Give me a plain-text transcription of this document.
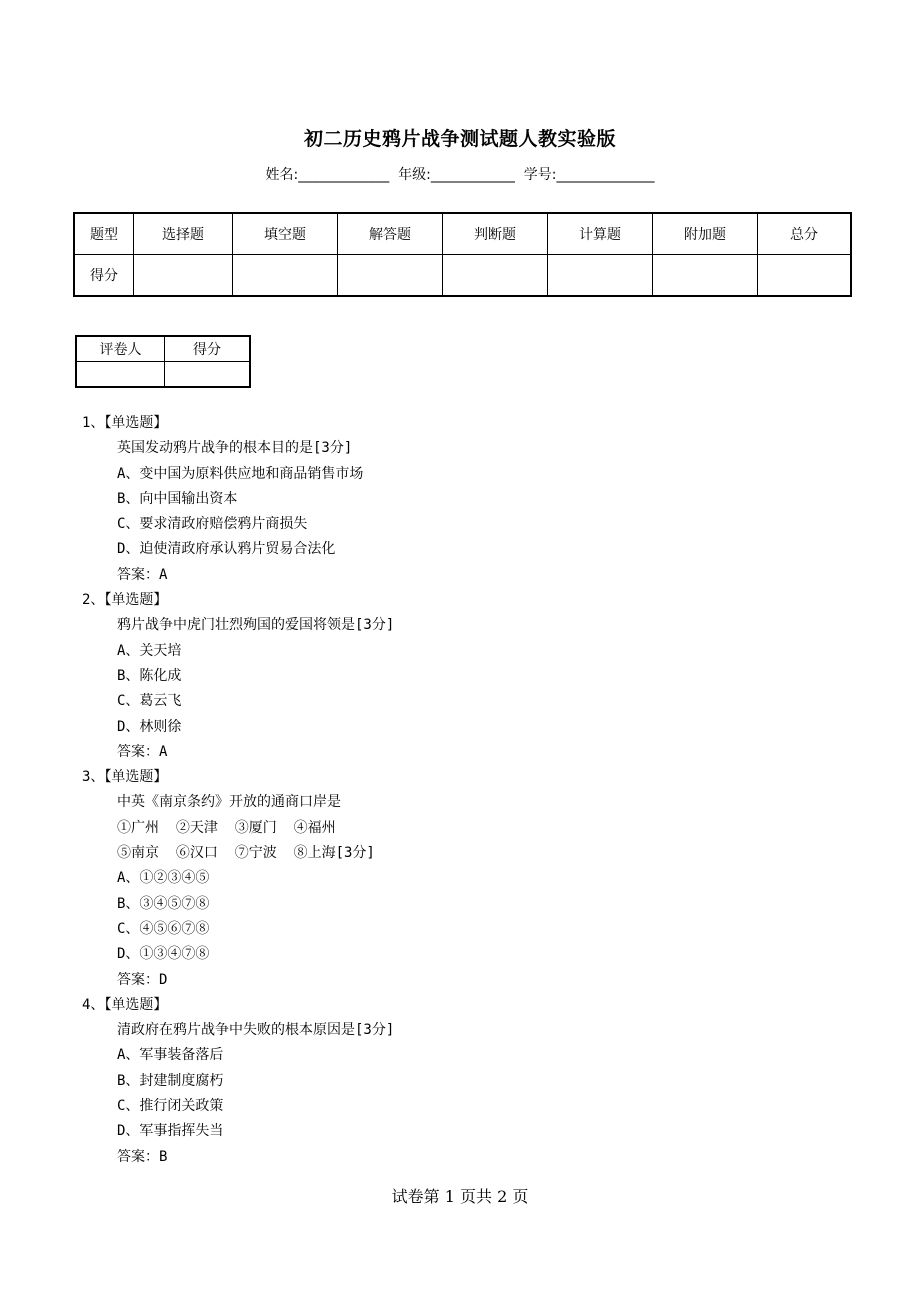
初二历史鸦片战争测试题人教实验版
姓名:_____________  年级:____________  学号:______________
题型	选择题	填空题	解答题	判断题	计算题	附加题	总分
得分							
评卷人	得分

1、【单选题】
英国发动鸦片战争的根本目的是[3分]
A、变中国为原料供应地和商品销售市场
B、向中国输出资本
C、要求清政府赔偿鸦片商损失
D、迫使清政府承认鸦片贸易合法化
答案：A
2、【单选题】
鸦片战争中虎门壮烈殉国的爱国将领是[3分]
A、关天培
B、陈化成
C、葛云飞
D、林则徐
答案：A
3、【单选题】
中英《南京条约》开放的通商口岸是
①广州  ②天津  ③厦门  ④福州
⑤南京  ⑥汉口  ⑦宁波  ⑧上海[3分]
A、①②③④⑤
B、③④⑤⑦⑧
C、④⑤⑥⑦⑧
D、①③④⑦⑧
答案：D
4、【单选题】
清政府在鸦片战争中失败的根本原因是[3分]
A、军事装备落后
B、封建制度腐朽
C、推行闭关政策
D、军事指挥失当
答案：B
试卷第 1 页共 2 页
